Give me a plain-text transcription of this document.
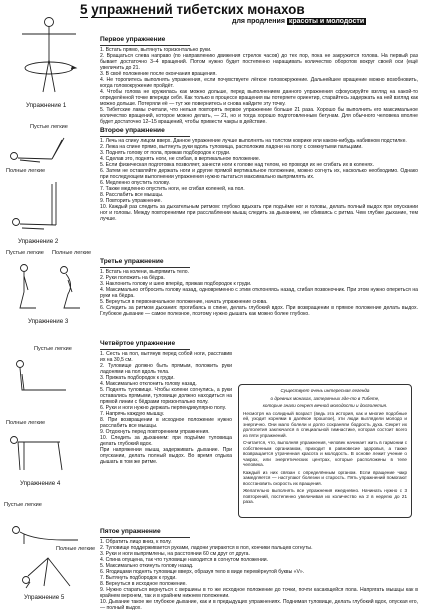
5 упражнений тибетских монахов
для продления красоты и молодости
Упражнение 1
Пустые легкие
Полные легкие
Упражнение 2
Пустые легкие Полные легкие
Упражнение 3
Пустые легкие
Полные легкие
Упражнение 4
Пустые легкие
Полные легкие
Упражнение 5
Первое упражнение

1. Встать прямо, вытянуть горизонтально руки.

2. Вращаться слева направо (по направлению движения стрелок часов) до тех пор, пока не закружится голова. На первый раз бывает достаточно 3–4 вращений. Потом нужно будет постепенно наращивать количество оборотов вокруг своей оси (ещё увеличить до 21.

3. В своё положение после окончания вращения.

4. Не торопитесь выполнять упражнения, если почувствуете лёгкое головокружение. Дальнейшее вращение можно возобновить, когда головокружение пройдёт.

4. Чтобы голова не кружилась как можно дольше, перед выполнением данного упражнения сфокусируйте взгляд на какой-то определённой точке впереди себя. Как только в процессе вращения вы потеряете ориентир, старайтесь задержать на ней взгляд как можно дольше. Потеряли её — тут же повернитесь и снова найдите эту точку.

5. Тибетские ламы считали, что нельзя повторять первое упражнение больше 21 раза. Хорошо бы выполнить его максимальное количество вращений, которое можно делать, — 21, но и тогда хорошо подготовленным бегунам. Для обычного человека вполне будет достаточно 12–15 вращений, чтобы привести чакры в действие.

Второе упражнение

1. Лечь на спину лицом вверх. Данное упражнение лучше выполнять на толстом коврике или каком-нибудь набивном подстилке.

2. Лежа на спине прямо, вытянуть руки вдоль туловища, расположив ладони на полу с сомкнутыми пальцами.

3. Поднять голову от пола, прижав подбородок к груди.

4. Сделав это, поднять ноги, не сгибая, в вертикальное положение.

5. Если физическая подготовка позволяет, занести ноги к голове над телом, но проводя их не сгибать их в коленях.

6. Затем не оставляйте держать ноги и другие прямой вертикальное положение, можно согнуть их, насколько необходимо. Однако при последующем выполнении упражнения нужно пытаться максимально выпрямлять их.

6. Медленно опустить голову.

7. Также медленно опустить ноги, не сгибая коленей, на пол.

8. Расслабить все мышцы.

9. Повторить упражнение.

10. Каждый раз следить за дыхательным ритмом: глубоко вдыхать при подъёме ног и головы, делать полный выдох при опускании ног и головы. Между повторениями при расслаблении мышц следить за дыханием, не сбиваясь с ритма. Чем глубже дыхание, тем лучше.

Третье упражнение

1. Встать на колени, выпрямить тело.

2. Руки положить на бёдра.

3. Наклонить голову и шею вперёд, прижав подбородок к груди.

4. Максимально отбросить голову назад, одновременно с этим отклоняясь назад, сгибая позвоночник. При этом нужно опереться на руки на бёдра.

5. Вернуться в первоначальное положение, начать упражнение снова.

6. Следить за ритмом дыхания: прогибаясь в спине, делать глубокий вдох. При возвращении в прямое положение делать выдох. Глубокое дыхание — самое полезное, поэтому нужно дышать как можно более глубоко.

Четвёртое упражнение

1. Сесть на пол, вытянув перед собой ноги, расставив их на 30,5 см.

2. Туловище должно быть прямым, положить руки ладонями на пол вдоль тела.

3. Прижать подбородок к груди.

4. Максимально отклонить голову назад.

5. Поднять туловище. Чтобы колени согнулись, а руки оставались прямыми, туловище должно находиться на прямой линии с бёдрами горизонтально полу.

6. Руки и ноги нужно держать перпендикулярно полу.

7. Напрячь каждую мышцу.

8. При возвращении в исходное положение нужно расслабить все мышцы.

9. Отдохнуть перед повторением упражнения.

10. Следить за дыханием: при подъёме туловища делать глубокий вдох.

При напряжении мышц задерживать дыхание. При опускании, делать полный выдох. Во время отдыха дышать в том же ритме.

Существует очень интересная легенда

о древних монахах, затерянных где-то в Тибете,

которые знали секрет вечной молодости и долголетия.

Несмотря на солидный возраст (ведь эта история, как и многие подобные ей, уходит корнями в далёкое прошлое), эти люди выглядели молодо и энергично. Они мало болели и долго сохраняли бодрость духа. Секрет их долголетия заключался в специальной гимнастике, которая состоит всего из пяти упражнений.

Считается, что, выполняя упражнения, человек начинает жить в гармонии с собственным организмом, приходит в равновесие здоровья, а также возвращается утраченная красота и молодость. В основе лежит учение о чакрах, или энергетических центрах, которые расположены в теле человека.

Каждый из них связан с определённым органом. Если вращение чакр замедляется — наступают болезни и старость. Пять упражнений помогают восстановить скорость их вращения.

Желательно выполнять все упражнения ежедневно. Начинать нужно с 3 повторений, постепенно увеличивая их количество на 2 в неделю до 21 раза.

Пятое упражнение

1. Обратить лицо вниз, к полу.

2. Туловище поддерживается руками, ладони упираются в пол, кончики пальцев согнуты.

3. Руки и ноги выпрямлены, на расстоянии 60 см друг от друга.

4. Спина опущена, так что туловище находится в согнутом положении.

5. Максимально откинуть голову назад.

6. Ягодицами поднять туловище вверх, образуя тело в виде перевёрнутой буквы «V».

7. Вытянуть подбородок к груди.

8. Вернуться в исходное положение.

9. Нужно стараться вернуться с вершины в то же исходное положение до точки, почти касающейся пола. Напрягать мышцы как в крайнем верхнем, так и в крайнем нижнем положении.

10. Дыхание такое же глубокое дыхание, как и в предыдущих упражнениях. Поднимая туловище, делать глубокий вдох, опуская его, — полный выдох.
